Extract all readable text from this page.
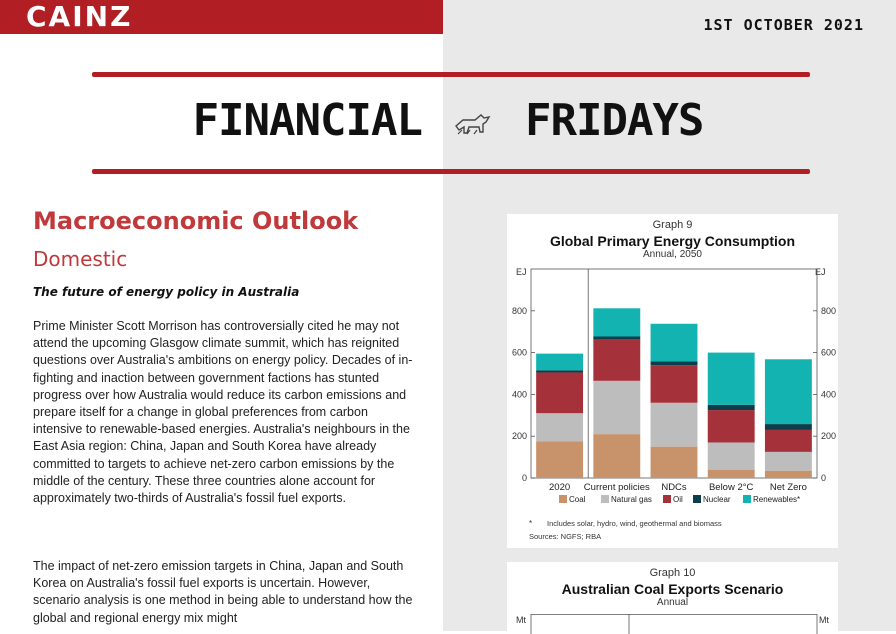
CAINZ	1ST OCTOBER 2021
FINANCIAL FRIDAYS
Macroeconomic Outlook
Domestic
The future of energy policy in Australia

Prime Minister Scott Morrison has controversially cited he may not attend the upcoming Glasgow climate summit, which has reignited questions over Australia's ambitions on energy policy. Decades of in-fighting and inaction between government factions has stunted progress over how Australia would reduce its carbon emissions and prepare itself for a change in global preferences from carbon intensive to renewable-based energies. Australia's neighbours in the East Asia region: China, Japan and South Korea have already committed to targets to achieve net-zero carbon emissions by the middle of the century. These three countries alone account for approximately two-thirds of Australia's fossil fuel exports.

The impact of net-zero emission targets in China, Japan and South Korea on Australia's fossil fuel exports is uncertain. However, scenario analysis is one method in being able to understand how the global and regional energy mix might

Graph 9
Global Primary Energy Consumption
Annual, 2050
EJ	EJ
0	0
200	200
400	400
600	600
800	800
2020 Current policies NDCs Below 2°C Net Zero
Coal	Natural gas	Oil	Nuclear	Renewables*
* Includes solar, hydro, wind, geothermal and biomass
Sources: NGFS; RBA
Graph 10
Australian Coal Exports Scenario
Annual
Mt	Mt
